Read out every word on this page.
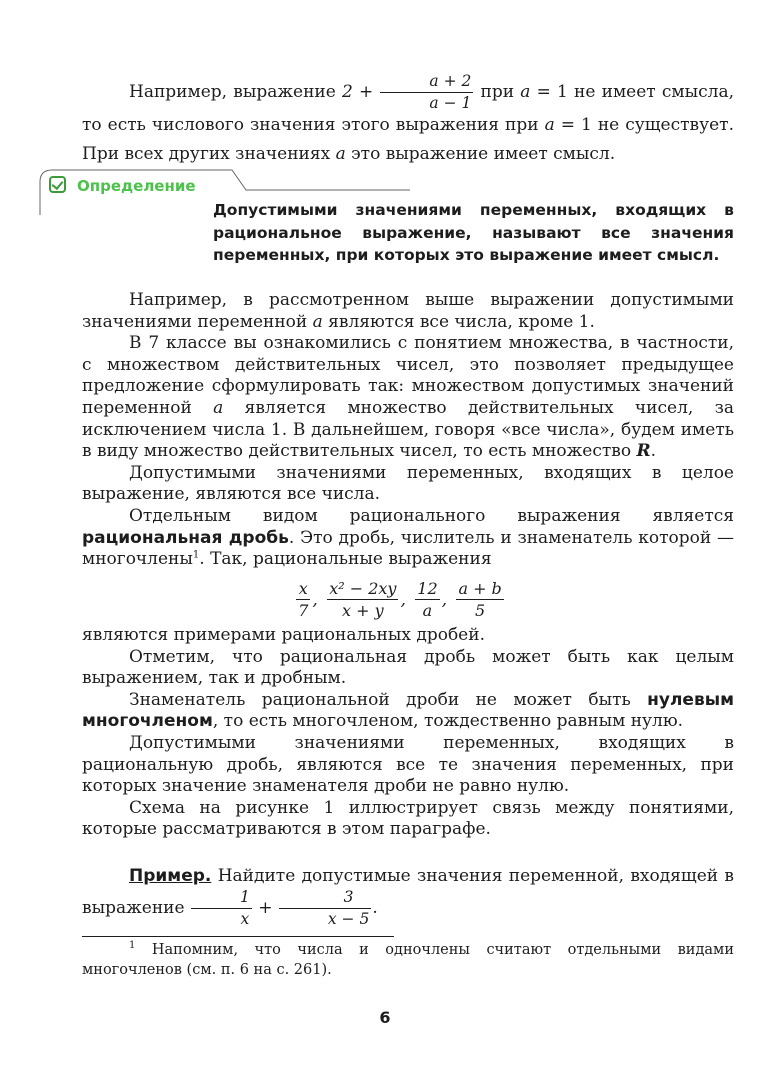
Например, выражение $2 + \frac{a + 2}{a - 1}$ при a = 1 не имеет смысла, то есть числового значения этого выражения при a = 1 не существует. При всех других значениях a это выражение имеет смысл.

Определение
Допустимыми значениями переменных, входящих в рациональное выражение, называют все значения переменных, при которых это выражение имеет смысл.

Например, в рассмотренном выше выражении допустимыми значениями переменной a являются все числа, кроме 1.

В 7 классе вы ознакомились с понятием множества, в частности, с множеством действительных чисел, это позволяет предыдущее предложение сформулировать так: множеством допустимых значений переменной a является множество действительных чисел, за исключением числа 1. В дальнейшем, говоря «все числа», будем иметь в виду множество действительных чисел, то есть множество R.

Допустимыми значениями переменных, входящих в целое выражение, являются все числа.

Отдельным видом рационального выражения является рациональная дробь. Это дробь, числитель и знаменатель которой — многочлены$^1$. Так, рациональные выражения

$\frac{x}{7}$ , $\frac{\text{x² − 2xy}}{x + y}$ , $\frac{12}{a}$ , $\frac{a + b}{5}$

являются примерами рациональных дробей.

Отметим, что рациональная дробь может быть как целым выражением, так и дробным.

Знаменатель рациональной дроби не может быть нулевым многочленом, то есть многочленом, тождественно равным нулю.

Допустимыми значениями переменных, входящих в рациональную дробь, являются все те значения переменных, при которых значение знаменателя дроби не равно нулю.

Схема на рисунке 1 иллюстрирует связь между понятиями, которые рассматриваются в этом параграфе.

Пример. Найдите допустимые значения переменной, входящей в выражение $\frac{1}{x} + \frac{3}{x - 5}$ .

$^1$ Напомним, что числа и одночлены считают отдельными видами многочленов (см. п. 6 на с. 261).

6
